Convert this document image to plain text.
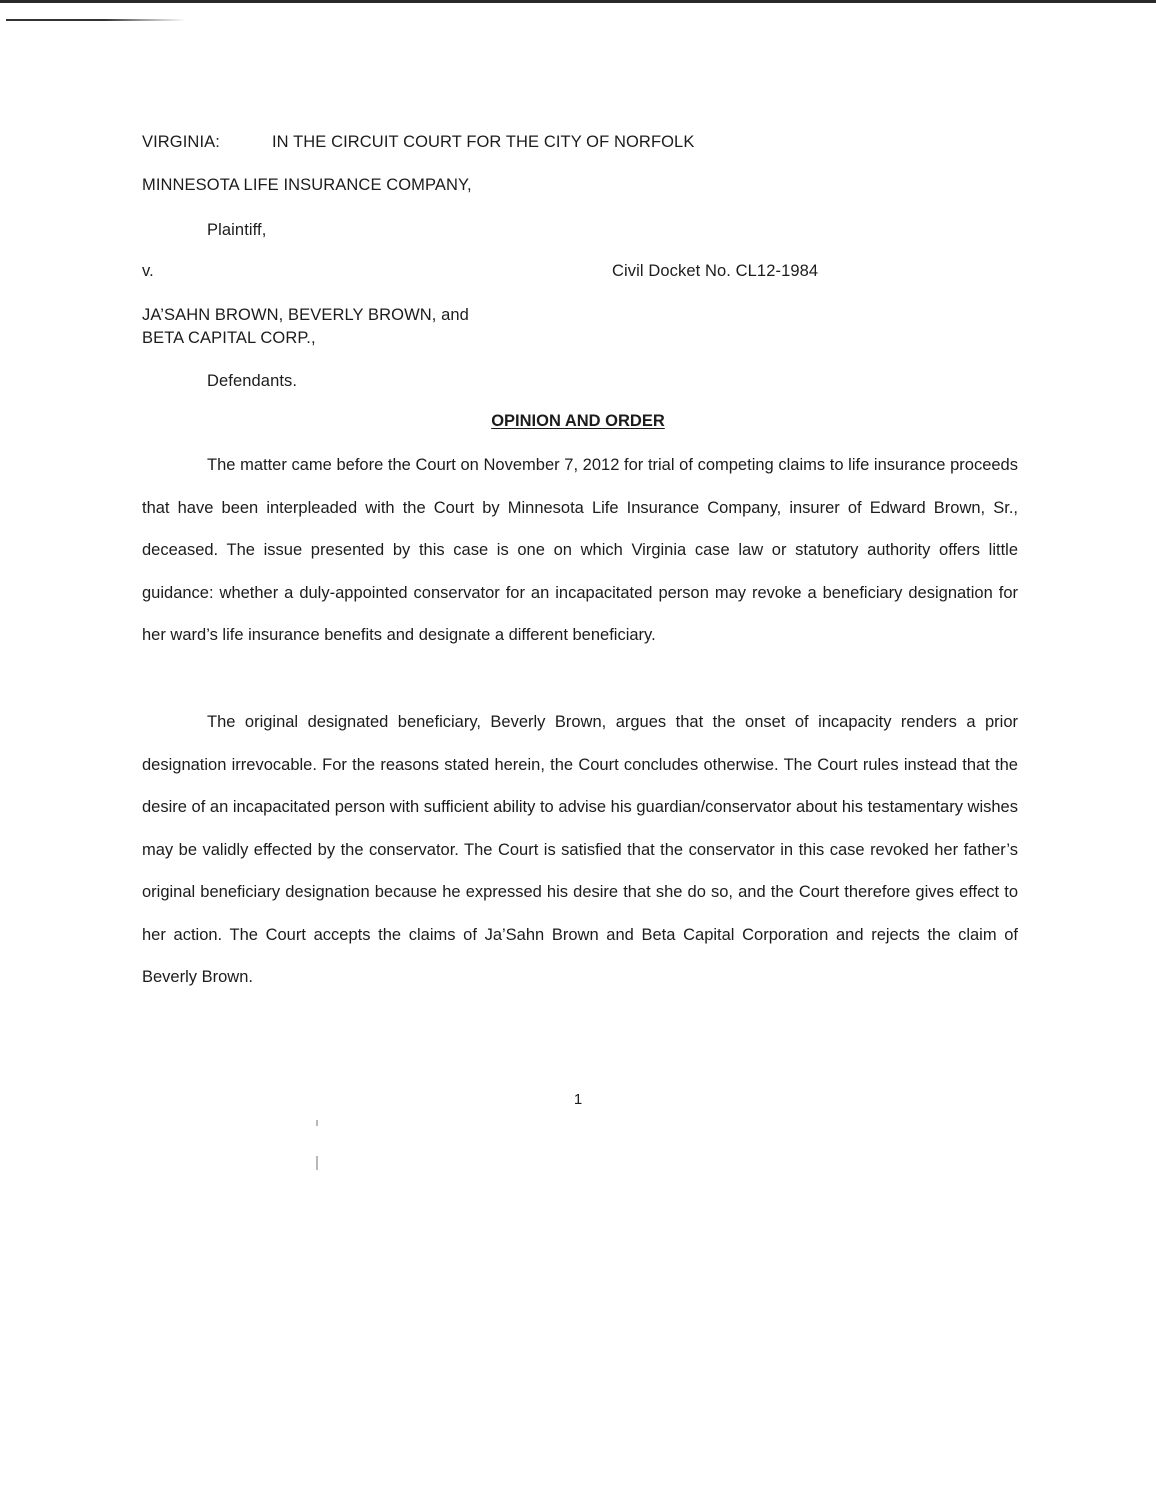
VIRGINIA:	IN THE CIRCUIT COURT FOR THE CITY OF NORFOLK
MINNESOTA LIFE INSURANCE COMPANY,
Plaintiff,
v.	Civil Docket No. CL12-1984
JA’SAHN BROWN, BEVERLY BROWN, and
BETA CAPITAL CORP.,
Defendants.
OPINION AND ORDER

The matter came before the Court on November 7, 2012 for trial of competing claims to life insurance proceeds that have been interpleaded with the Court by Minnesota Life Insurance Company, insurer of Edward Brown, Sr., deceased. The issue presented by this case is one on which Virginia case law or statutory authority offers little guidance: whether a duly-appointed conservator for an incapacitated person may revoke a beneficiary designation for her ward’s life insurance benefits and designate a different beneficiary.

The original designated beneficiary, Beverly Brown, argues that the onset of incapacity renders a prior designation irrevocable. For the reasons stated herein, the Court concludes otherwise. The Court rules instead that the desire of an incapacitated person with sufficient ability to advise his guardian/conservator about his testamentary wishes may be validly effected by the conservator. The Court is satisfied that the conservator in this case revoked her father’s original beneficiary designation because he expressed his desire that she do so, and the Court therefore gives effect to her action. The Court accepts the claims of Ja’Sahn Brown and Beta Capital Corporation and rejects the claim of Beverly Brown.

1
